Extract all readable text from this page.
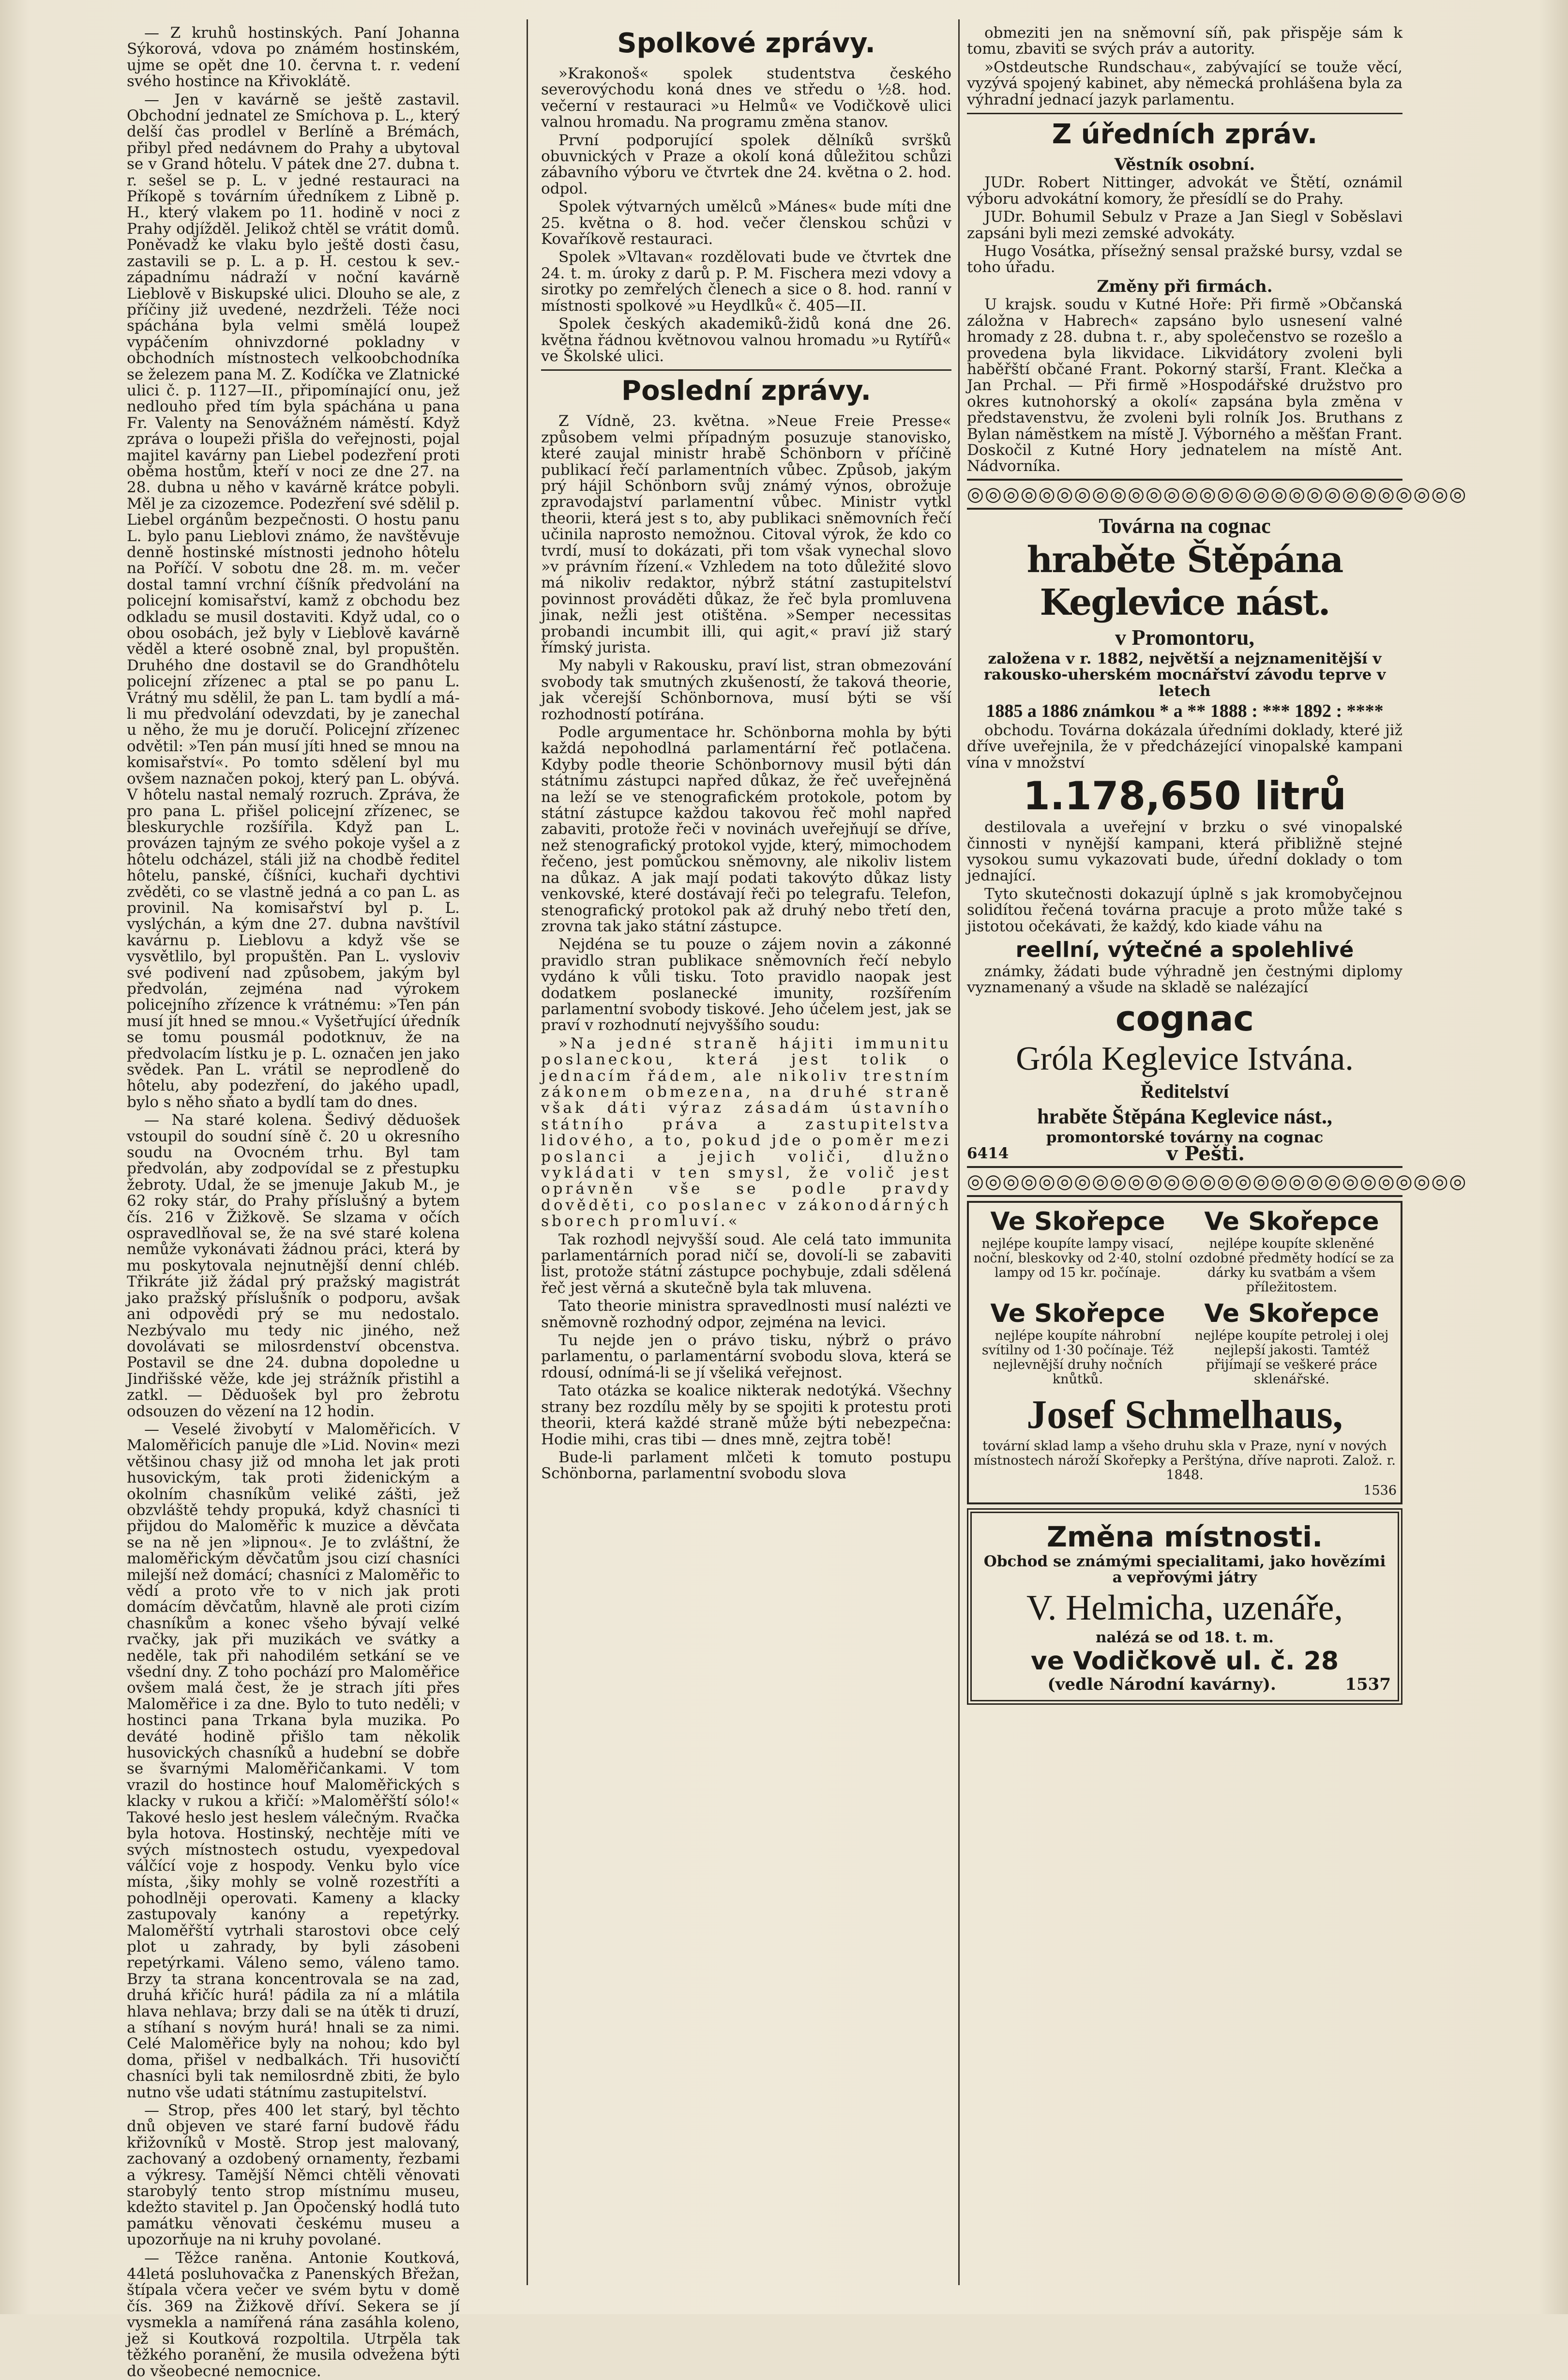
— Z kruhů hostinských. Paní Johanna Sýkorová, vdova po známém hostinském, ujme se opět dne 10. června t. r. vedení svého hostince na Křivoklátě.

— Jen v kavárně se ještě zastavil. Obchodní jednatel ze Smíchova p. L., který delší čas prodlel v Berlíně a Brémách, přibyl před nedávnem do Prahy a ubytoval se v Grand hôtelu. V pátek dne 27. dubna t. r. sešel se p. L. v jedné restauraci na Příkopě s továrním úředníkem z Libně p. H., který vlakem po 11. hodině v noci z Prahy odjížděl. Jelikož chtěl se vrátit domů. Poněvadž ke vlaku bylo ještě dosti času, zastavili se p. L. a p. H. cestou k sev.-západnímu nádraží v noční kavárně Lieblově v Biskupské ulici. Dlouho se ale, z příčiny již uvedené, nezdrželi. Téže noci spáchána byla velmi smělá loupež vypáčením ohnivzdorné pokladny v obchodních místnostech velkoobchodníka se železem pana M. Z. Kodíčka ve Zlatnické ulici č. p. 1127—II., připomínající onu, jež nedlouho před tím byla spáchána u pana Fr. Valenty na Senovážném náměstí. Když zpráva o loupeži přišla do veřejnosti, pojal majitel kavárny pan Liebel podezření proti oběma hostům, kteří v noci ze dne 27. na 28. dubna u něho v kavárně krátce pobyli. Měl je za cizozemce. Podezření své sdělil p. Liebel orgánům bezpečnosti. O hostu panu L. bylo panu Lieblovi známo, že navštěvuje denně hostinské místnosti jednoho hôtelu na Poříčí. V sobotu dne 28. m. m. večer dostal tamní vrchní číšník předvolání na policejní komisařství, kamž z obchodu bez odkladu se musil dostaviti. Když udal, co o obou osobách, jež byly v Lieblově kavárně věděl a které osobně znal, byl propuštěn. Druhého dne dostavil se do Grandhôtelu policejní zřízenec a ptal se po panu L. Vrátný mu sdělil, že pan L. tam bydlí a má-li mu předvolání odevzdati, by je zanechal u něho, že mu je doručí. Policejní zřízenec odvětil: »Ten pán musí jíti hned se mnou na komisařství«. Po tomto sdělení byl mu ovšem naznačen pokoj, který pan L. obývá. V hôtelu nastal nemalý rozruch. Zpráva, že pro pana L. přišel policejní zřízenec, se bleskurychle rozšířila. Když pan L. provázen tajným ze svého pokoje vyšel a z hôtelu odcházel, stáli již na chodbě ředitel hôtelu, panské, číšníci, kuchaři dychtivi zvěděti, co se vlastně jedná a co pan L. as provinil. Na komisařství byl p. L. vyslýchán, a kým dne 27. dubna navštívil kavárnu p. Lieblovu a když vše se vysvětlilo, byl propuštěn. Pan L. vysloviv své podivení nad způsobem, jakým byl předvolán, zejména nad výrokem policejního zřízence k vrátnému: »Ten pán musí jít hned se mnou.« Vyšetřující úředník se tomu pousmál podotknuv, že na předvolacím lístku je p. L. označen jen jako svědek. Pan L. vrátil se neprodleně do hôtelu, aby podezření, do jakého upadl, bylo s něho sňato a bydlí tam do dnes.

— Na staré kolena. Šedivý děduošek vstoupil do soudní síně č. 20 u okresního soudu na Ovocném trhu. Byl tam předvolán, aby zodpovídal se z přestupku žebroty. Udal, že se jmenuje Jakub M., je 62 roky stár, do Prahy příslušný a bytem čís. 216 v Žižkově. Se slzama v očích ospravedlňoval se, že na své staré kolena nemůže vykonávati žádnou práci, která by mu poskytovala nejnutnější denní chléb. Třikráte již žádal prý pražský magistrát jako pražský příslušník o podporu, avšak ani odpovědi prý se mu nedostalo. Nezbývalo mu tedy nic jiného, než dovolávati se milosrdenství obcenstva. Postavil se dne 24. dubna dopoledne u Jindřišské věže, kde jej strážník přistihl a zatkl. — Děduošek byl pro žebrotu odsouzen do vězení na 12 hodin.

— Veselé živobytí v Maloměřicích. V Maloměřicích panuje dle »Lid. Novin« mezi většinou chasy již od mnoha let jak proti husovickým, tak proti židenickým a okolním chasníkům veliké zášti, jež obzvláště tehdy propuká, když chasníci ti přijdou do Maloměřic k muzice a děvčata se na ně jen »lipnou«. Je to zvláštní, že maloměřickým děvčatům jsou cizí chasníci milejší než domácí; chasníci z Maloměřic to vědí a proto vře to v nich jak proti domácím děvčatům, hlavně ale proti cizím chasníkům a konec všeho bývají velké rvačky, jak při muzikách ve svátky a neděle, tak při nahodilém setkání se ve všední dny. Z toho pochází pro Maloměřice ovšem malá čest, že je strach jíti přes Maloměřice i za dne. Bylo to tuto neděli; v hostinci pana Trkana byla muzika. Po deváté hodině přišlo tam několik husovických chasníků a hudební se dobře se švarnými Maloměřičankami. V tom vrazil do hostince houf Maloměřických s klacky v rukou a křičí: »Maloměřští sólo!« Takové heslo jest heslem válečným. Rvačka byla hotova. Hostinský, nechtěje míti ve svých místnostech ostudu, vyexpedoval válčící voje z hospody. Venku bylo více místa, ,šiky mohly se volně rozestříti a pohodlněji operovati. Kameny a klacky zastupovaly kanóny a repetýrky. Maloměřští vytrhali starostovi obce celý plot u zahrady, by byli zásobeni repetýrkami. Váleno semo, váleno tamo. Brzy ta strana koncentrovala se na zad, druhá křičíc hurá! pádila za ní a mlátila hlava nehlava; brzy dali se na útěk ti druzí, a stíhaní s novým hurá! hnali se za nimi. Celé Maloměřice byly na nohou; kdo byl doma, přišel v nedbalkách. Tři husovičtí chasníci byli tak nemilosrdně zbiti, že bylo nutno vše udati státnímu zastupitelství.

— Strop, přes 400 let starý, byl těchto dnů objeven ve staré farní budově řádu křižovníků v Mostě. Strop jest malovaný, zachovaný a ozdobený ornamenty, řezbami a výkresy. Tamější Němci chtěli věnovati starobylý tento strop místnímu museu, kdežto stavitel p. Jan Opočenský hodlá tuto památku věnovati českému museu a upozorňuje na ni kruhy povolané.

— Těžce raněna. Antonie Koutková, 44letá posluhovačka z Panenských Břežan, štípala včera večer ve svém bytu v domě čís. 369 na Žižkově dříví. Sekera se jí vysmekla a namířená rána zasáhla koleno, jež si Koutková rozpoltila. Utrpěla tak těžkého poranění, že musila odvežena býti do všeobecné nemocnice.

Spolkové zprávy.

»Krakonoš« spolek studentstva českého severovýchodu koná dnes ve středu o ½8. hod. večerní v restauraci »u Helmů« ve Vodičkově ulici valnou hromadu. Na programu změna stanov.

První podporující spolek dělníků svršků obuvnických v Praze a okolí koná důležitou schůzi zábavního výboru ve čtvrtek dne 24. května o 2. hod. odpol.

Spolek výtvarných umělců »Mánes« bude míti dne 25. května o 8. hod. večer členskou schůzi v Kovaříkově restauraci.

Spolek »Vltavan« rozdělovati bude ve čtvrtek dne 24. t. m. úroky z darů p. P. M. Fischera mezi vdovy a sirotky po zemřelých členech a sice o 8. hod. ranní v místnosti spolkové »u Heydlků« č. 405—II.

Spolek českých akademiků-židů koná dne 26. května řádnou květnovou valnou hromadu »u Rytířů« ve Školské ulici.

Poslední zprávy.

Z Vídně, 23. května. »Neue Freie Presse« způsobem velmi případným posuzuje stanovisko, které zaujal ministr hrabě Schönborn v příčině publikací řečí parlamentních vůbec. Způsob, jakým prý hájil Schönborn svůj známý výnos, obrožuje zpravodajství parlamentní vůbec. Ministr vytkl theorii, která jest s to, aby publikaci sněmovních řečí učinila naprosto nemožnou. Citoval výrok, že kdo co tvrdí, musí to dokázati, při tom však vynechal slovo »v právním řízení.« Vzhledem na toto důležité slovo má nikoliv redaktor, nýbrž státní zastupitelství povinnost prováděti důkaz, že řeč byla promluvena jinak, nežli jest otištěna. »Semper necessitas probandi incumbit illi, qui agit,« praví již starý římský jurista.

My nabyli v Rakousku, praví list, stran obmezování svobody tak smutných zkušeností, že taková theorie, jak včerejší Schönbornova, musí býti se vší rozhodností potírána.

Podle argumentace hr. Schönborna mohla by býti každá nepohodlná parlamentární řeč potlačena. Kdyby podle theorie Schönbornovy musil býti dán státnímu zástupci napřed důkaz, že řeč uveřejněná na leží se ve stenografickém protokole, potom by státní zástupce každou takovou řeč mohl napřed zabaviti, protože řeči v novinách uveřejňují se dříve, než stenografický protokol vyjde, který, mimochodem řečeno, jest pomůckou sněmovny, ale nikoliv listem na důkaz. A jak mají podati takovýto důkaz listy venkovské, které dostávají řeči po telegrafu. Telefon, stenografický protokol pak až druhý nebo třetí den, zrovna tak jako státní zástupce.

Nejdéna se tu pouze o zájem novin a zákonné pravidlo stran publikace sněmovních řečí nebylo vydáno k vůli tisku. Toto pravidlo naopak jest dodatkem poslanecké imunity, rozšířením parlamentní svobody tiskové. Jeho účelem jest, jak se praví v rozhodnutí nejvyššího soudu:

»Na jedné straně hájiti immunitu poslaneckou, která jest tolik o jednacím řádem, ale nikoliv trestním zákonem obmezena, na druhé straně však dáti výraz zásadám ústavního státního práva a zastupitelstva lidového, a to, pokud jde o poměr mezi poslanci a jejich voliči, dlužno vykládati v ten smysl, že volič jest oprávněn vše se podle pravdy dověděti, co poslanec v zákonodárných sborech promluví.«

Tak rozhodl nejvyšší soud. Ale celá tato immunita parlamentárních porad ničí se, dovolí-li se zabaviti list, protože státní zástupce pochybuje, zdali sdělená řeč jest věrná a skutečně byla tak mluvena.

Tato theorie ministra spravedlnosti musí nalézti ve sněmovně rozhodný odpor, zejména na levici.

Tu nejde jen o právo tisku, nýbrž o právo parlamentu, o parlamentární svobodu slova, která se rdousí, odnímá-li se jí všeliká veřejnost.

Tato otázka se koalice nikterak nedotýká. Všechny strany bez rozdílu měly by se spojiti k protestu proti theorii, která každé straně může býti nebezpečna: Hodie mihi, cras tibi — dnes mně, zejtra tobě!

Bude-li parlament mlčeti k tomuto postupu Schönborna, parlamentní svobodu slova

obmeziti jen na sněmovní síň, pak přispěje sám k tomu, zbaviti se svých práv a autority.

»Ostdeutsche Rundschau«, zabývající se touže věcí, vyzývá spojený kabinet, aby německá prohlášena byla za výhradní jednací jazyk parlamentu.

Z úředních zpráv.
Věstník osobní.

JUDr. Robert Nittinger, advokát ve Štětí, oznámil výboru advokátní komory, že přesídlí se do Prahy.

JUDr. Bohumil Sebulz v Praze a Jan Siegl v Soběslavi zapsáni byli mezi zemské advokáty.

Hugo Vosátka, přísežný sensal pražské bursy, vzdal se toho úřadu.

Změny při firmách.

U krajsk. soudu v Kutné Hoře: Při firmě »Občanská záložna v Habrech« zapsáno bylo usnesení valné hromady z 28. dubna t. r., aby společenstvo se rozešlo a provedena byla likvidace. Likvidátory zvoleni byli haběřští občané Frant. Pokorný starší, Frant. Klečka a Jan Prchal. — Při firmě »Hospodářské družstvo pro okres kutnohorský a okolí« zapsána byla změna v představenstvu, že zvoleni byli rolník Jos. Bruthans z Bylan náměstkem na místě J. Výborného a měšťan Frant. Doskočil z Kutné Hory jednatelem na místě Ant. Nádvorníka.

◎◎◎◎◎◎◎◎◎◎◎◎◎◎◎◎◎◎◎◎◎◎◎◎◎◎◎◎
Továrna na cognac
hraběte Štěpána Keglevice nást.
v Promontoru,
založena v r. 1882, největší a nejznamenitější v rakousko-uherském mocnářství závodu teprve v letech
1885 a 1886 známkou * a ** 1888 : *** 1892 : ****

obchodu. Továrna dokázala úředními doklady, které již dříve uveřejnila, že v předcházející vinopalské kampani vína v množství

1.178,650 litrů

destilovala a uveřejní v brzku o své vinopalské činnosti v nynější kampani, která přibližně stejné vysokou sumu vykazovati bude, úřední doklady o tom jednající.

Tyto skutečnosti dokazují úplně s jak kromobyčejnou solidítou řečená továrna pracuje a proto může také s jistotou očekávati, že každý, kdo kiade váhu na

reellní, výtečné a spolehlivé

známky, žádati bude výhradně jen čestnými diplomy vyznamenaný a všude na skladě se nalézající

cognac
Gróla Keglevice Istvána.
Ředitelství
hraběte Štěpána Keglevice nást.,
promontorské továrny na cognac
6414	v Pešti.
◎◎◎◎◎◎◎◎◎◎◎◎◎◎◎◎◎◎◎◎◎◎◎◎◎◎◎◎
Ve Skořepce
nejlépe koupíte lampy visací, noční, bleskovky od 2·40, stolní lampy od 15 kr. počínaje.
Ve Skořepce
nejlépe koupíte skleněné ozdobné předměty hodící se za dárky ku svatbám a všem příležitostem.
Ve Skořepce
nejlépe koupíte náhrobní svítilny od 1·30 počínaje. Též nejlevnější druhy nočních knůtků.
Ve Skořepce
nejlépe koupíte petrolej i olej nejlepší jakosti. Tamtéž přijímají se veškeré práce sklenářské.
Josef Schmelhaus,
tovární sklad lamp a všeho druhu skla v Praze, nyní v nových místnostech nároží Skořepky a Perštýna, dříve naproti. Založ. r. 1848.
1536
Změna místnosti.
Obchod se známými specialitami, jako hovězími a vepřovými játry
V. Helmicha, uzenáře,
nalézá se od 18. t. m.
ve Vodičkově ul. č. 28
(vedle Národní kavárny).	1537
